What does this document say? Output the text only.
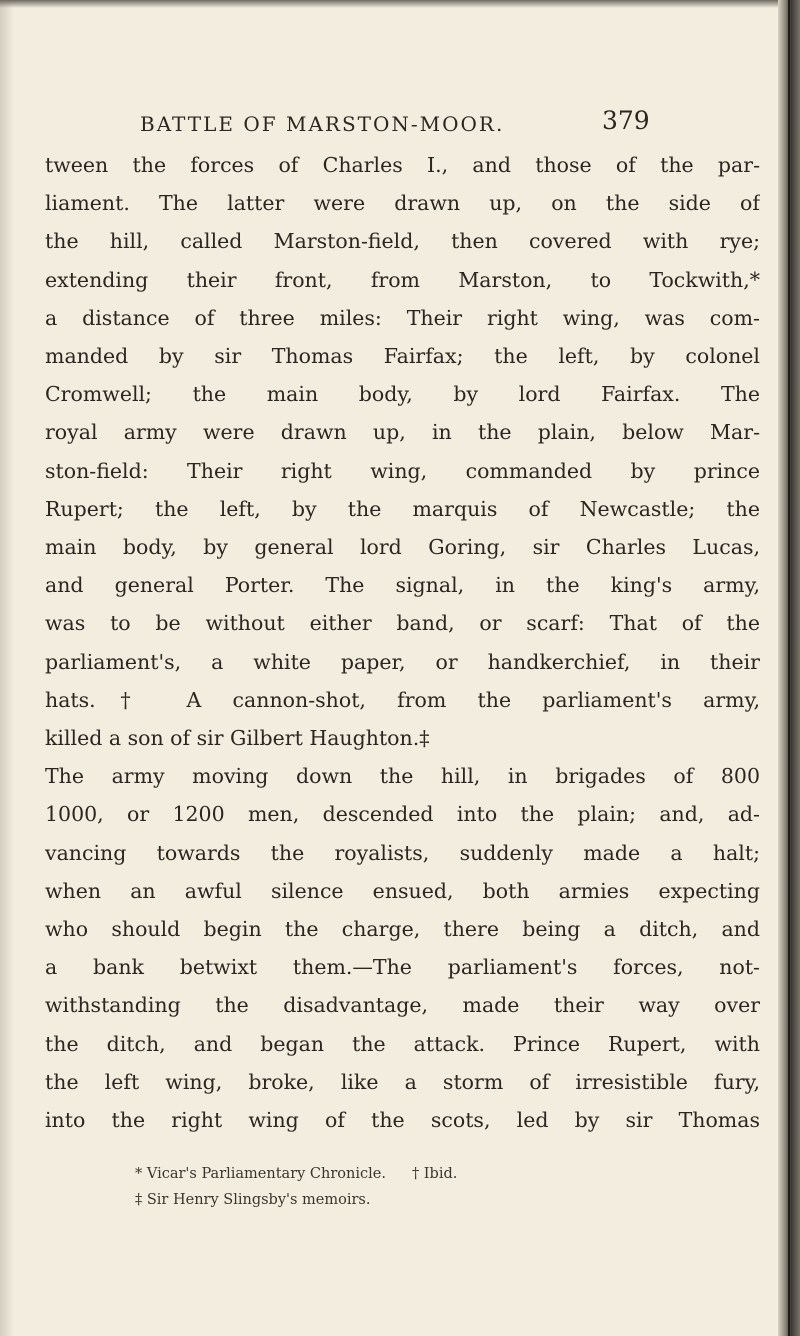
BATTLE OF MARSTON-MOOR.	379
tween the forces of Charles I., and those of the par-
liament. The latter were drawn up, on the side of
the hill, called Marston-field, then covered with rye;
extending their front, from Marston, to Tockwith,*
a distance of three miles: Their right wing, was com-
manded by sir Thomas Fairfax; the left, by colonel
Cromwell; the main body, by lord Fairfax. The
royal army were drawn up, in the plain, below Mar-
ston-field: Their right wing, commanded by prince
Rupert; the left, by the marquis of Newcastle; the
main body, by general lord Goring, sir Charles Lucas,
and general Porter. The signal, in the king's army,
was to be without either band, or scarf: That of the
parliament's, a white paper, or handkerchief, in their
hats.† A cannon-shot, from the parliament's army,
killed a son of sir Gilbert Haughton.‡
The army moving down the hill, in brigades of 800
1000, or 1200 men, descended into the plain; and, ad-
vancing towards the royalists, suddenly made a halt;
when an awful silence ensued, both armies expecting
who should begin the charge, there being a ditch, and
a bank betwixt them.—The parliament's forces, not-
withstanding the disadvantage, made their way over
the ditch, and began the attack. Prince Rupert, with
the left wing, broke, like a storm of irresistible fury,
into the right wing of the scots, led by sir Thomas
* Vicar's Parliamentary Chronicle. † Ibid.
‡ Sir Henry Slingsby's memoirs.
